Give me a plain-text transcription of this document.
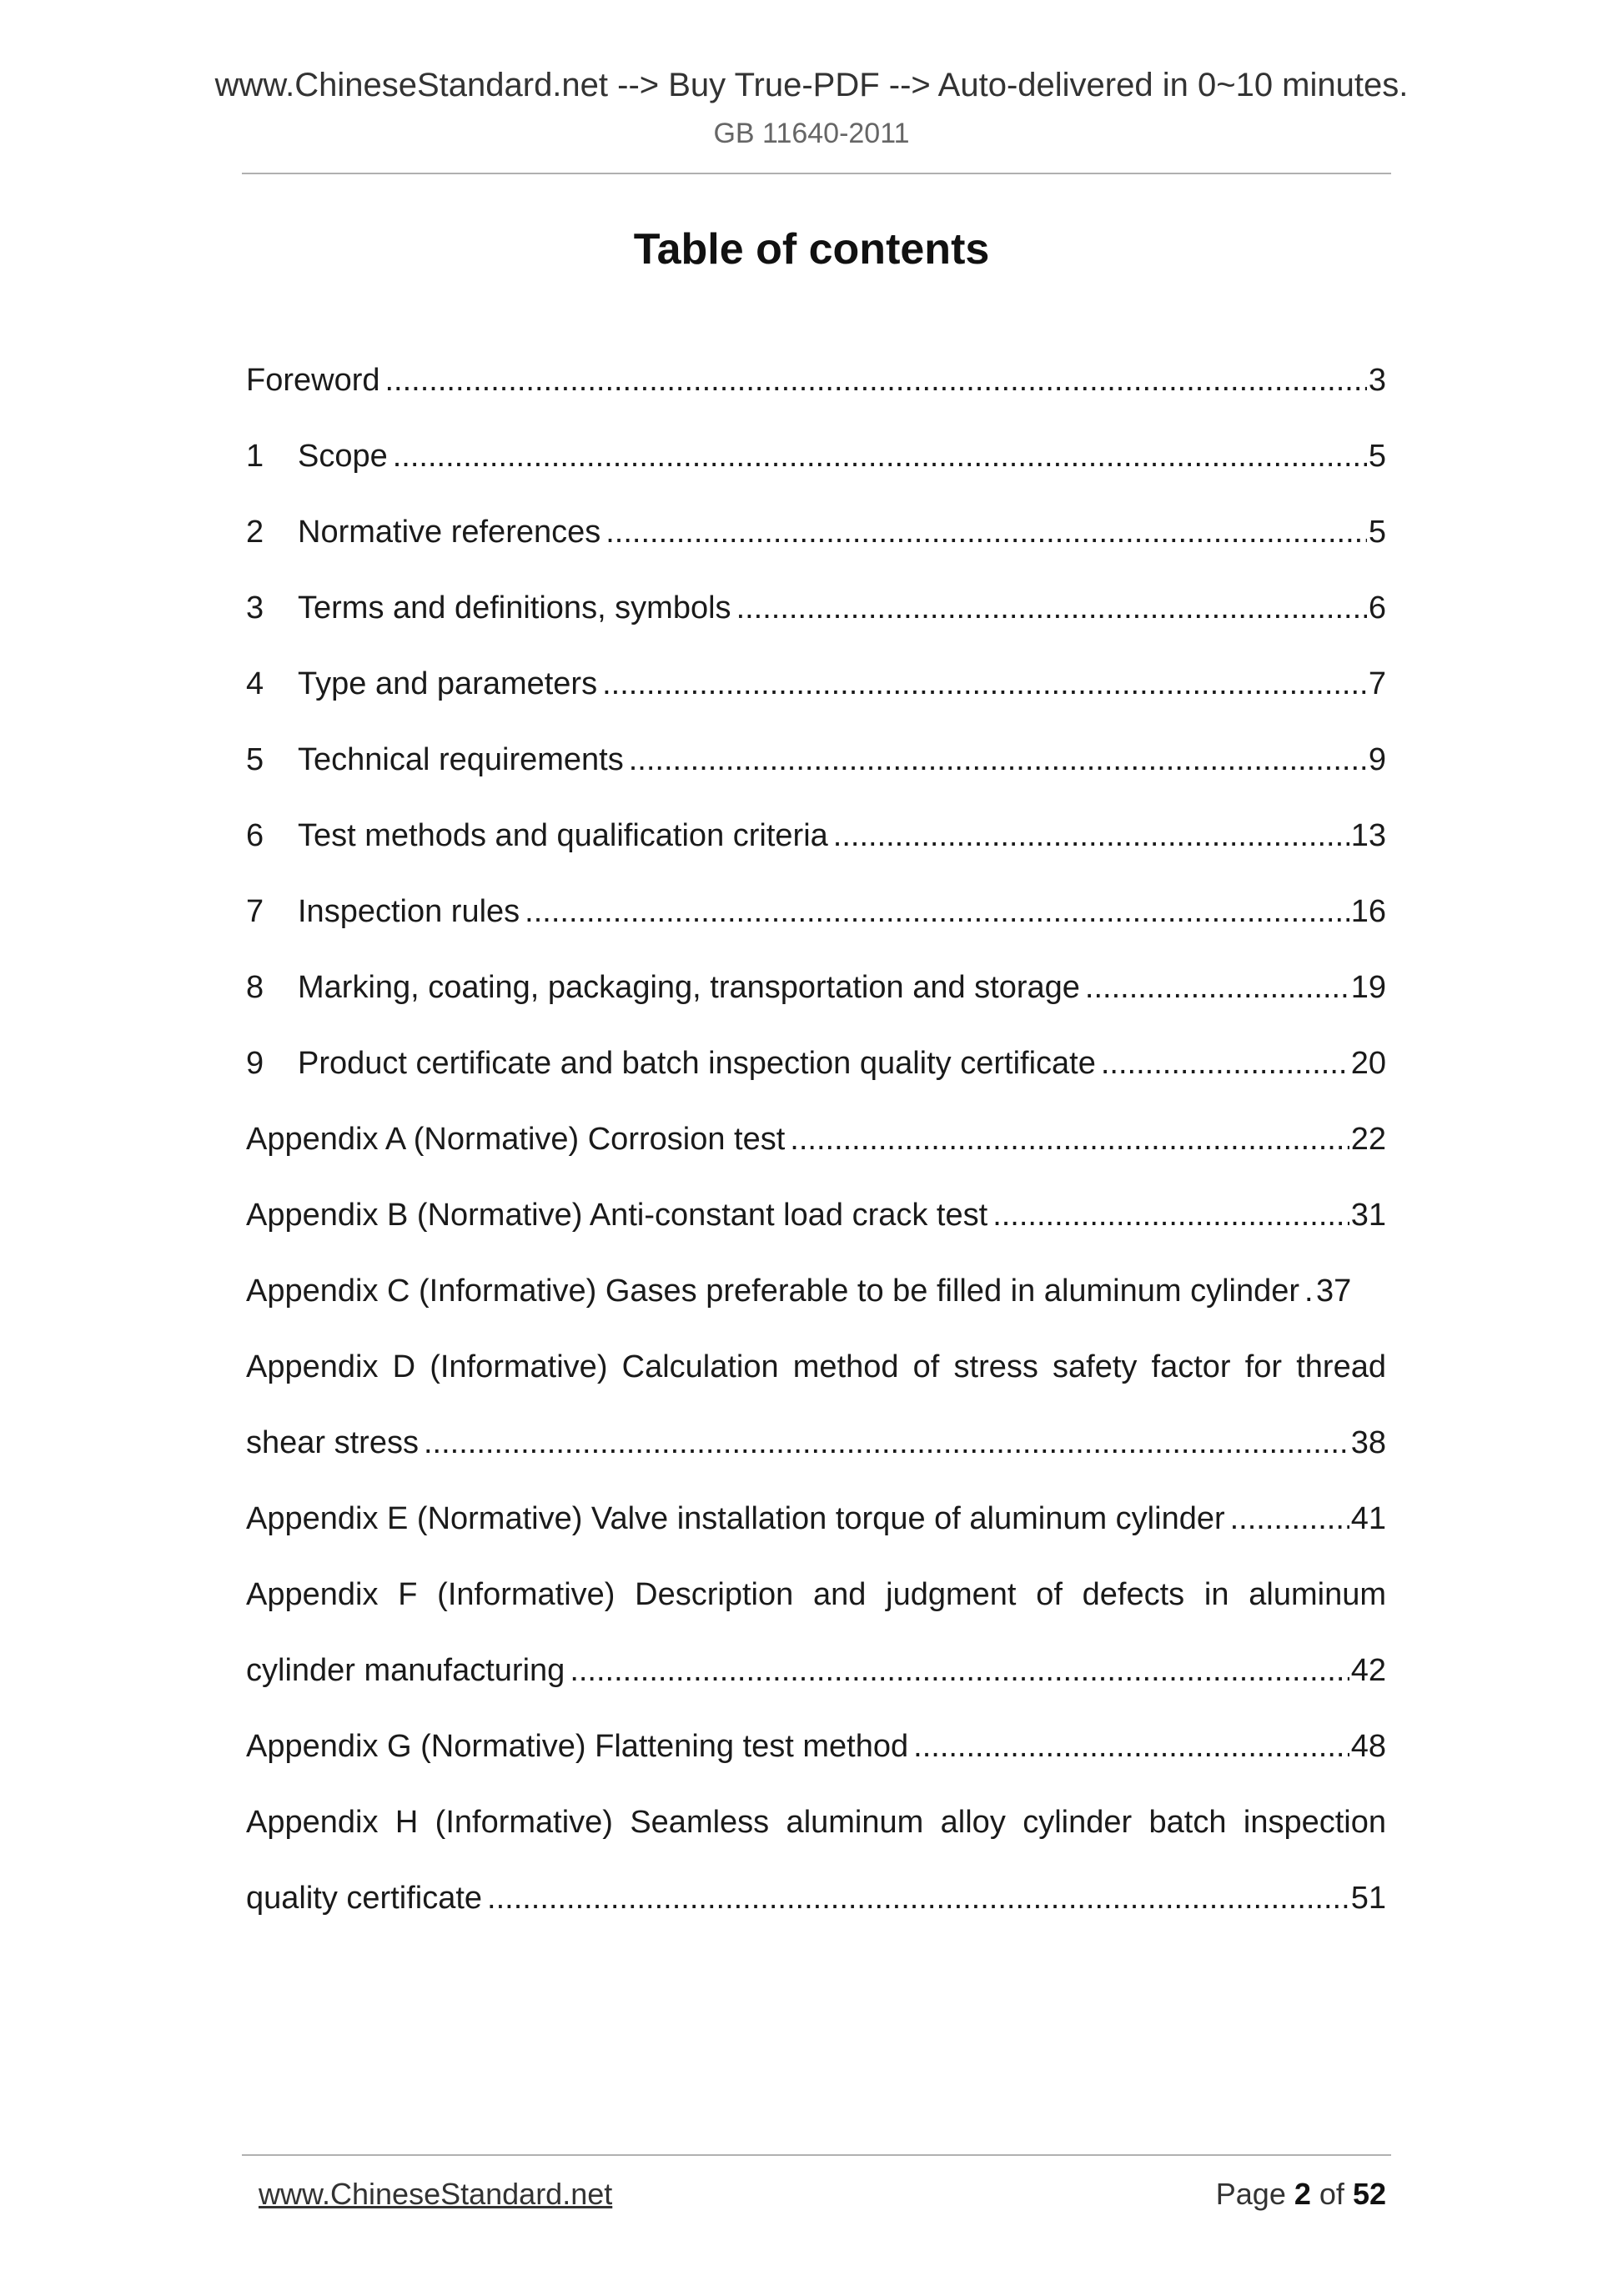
www.ChineseStandard.net --> Buy True-PDF --> Auto-delivered in 0~10 minutes.
GB 11640-2011
Table of contents
Foreword .....	3
1	Scope .....	5
2	Normative references .....	5
3	Terms and definitions, symbols .....	6
4	Type and parameters .....	7
5	Technical requirements .....	9
6	Test methods and qualification criteria .....	13
7	Inspection rules .....	16
8	Marking, coating, packaging, transportation and storage .....	19
9	Product certificate and batch inspection quality certificate .....	20
Appendix A (Normative) Corrosion test .....	22
Appendix B (Normative) Anti-constant load crack test .....	31
Appendix C (Informative) Gases preferable to be filled in aluminum cylinder ..... 37
Appendix D (Informative) Calculation method of stress safety factor for thread
shear stress .....	38
Appendix E (Normative) Valve installation torque of aluminum cylinder .....	41
Appendix F (Informative) Description and judgment of defects in aluminum
cylinder manufacturing .....	42
Appendix G (Normative) Flattening test method .....	48
Appendix H (Informative) Seamless aluminum alloy cylinder batch inspection
quality certificate .....	51
www.ChineseStandard.net	Page 2 of 52
